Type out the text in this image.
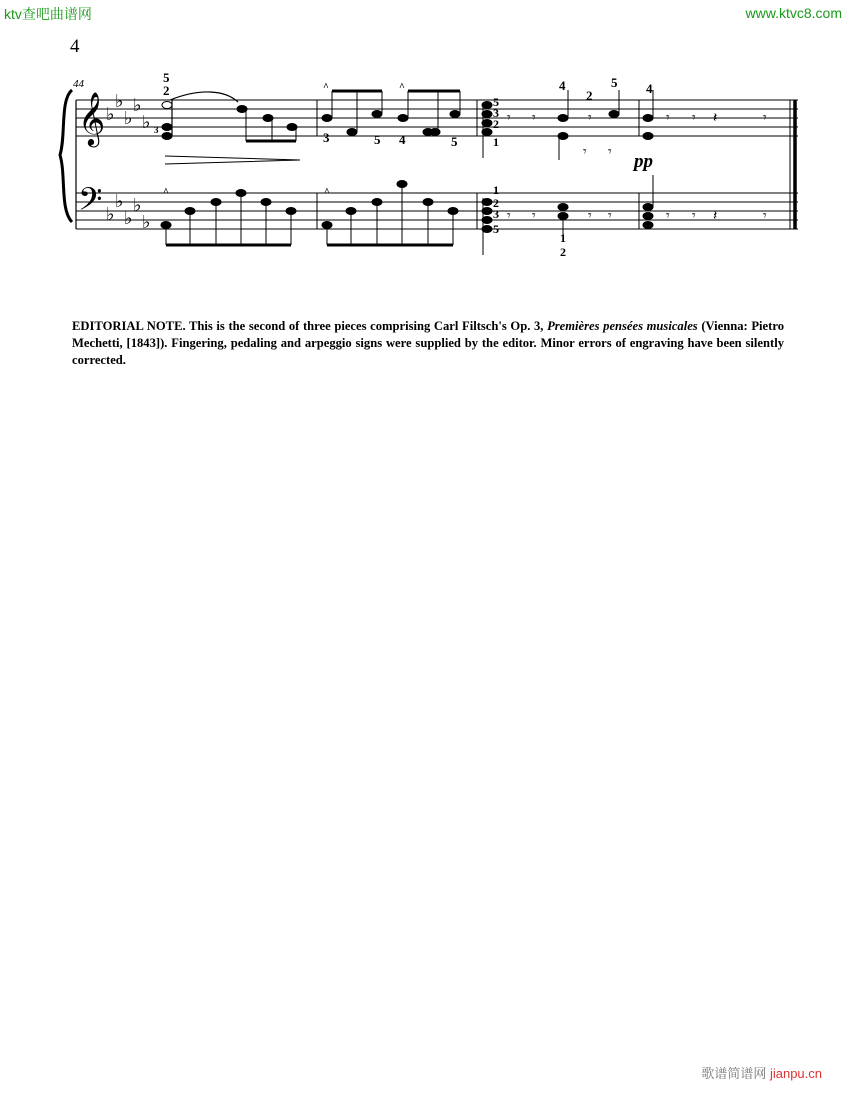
ktv查吧曲谱网	www.ktvc8.com
歌谱简谱网 jianpu.cn
4
44
𝄞
𝄢
♭
♭
♭
♭
♭
♭
♭
♭
♭
♭
5
2
3
^	^
3	5 4	5
𝄾 𝄾	𝄾
𝄾 𝄾
5
3
2
1
4
2
5
𝄾 𝄾 𝄽	𝄾
𝄾 𝄾 𝄽	𝄾
4
pp
^	^
𝄾 𝄾	𝄾 𝄾
1
2
3
5
1
2
EDITORIAL NOTE. This is the second of three pieces comprising Carl Filtsch's Op. 3, Premières pensées musicales (Vienna: Pietro Mechetti, [1843]). Fingering, pedaling and arpeggio signs were supplied by the editor. Minor errors of engraving have been silently corrected.
